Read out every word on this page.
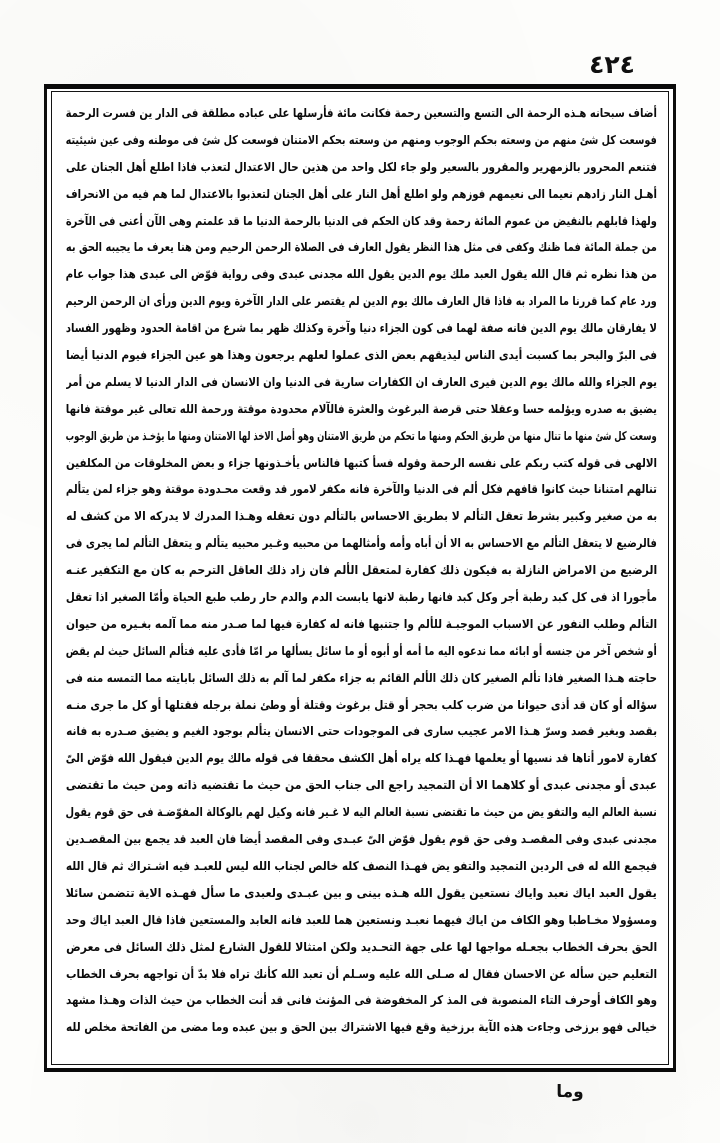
٤٢٤
أضاف سبحانه هـذه الرحمة الى التسع والتسعين رحمة فكانت مائة فأرسلها على عباده مطلقة فى الدار ين فسرت الرحمة
فوسعت كل شئ منهم من وسعته بحكم الوجوب ومنهم من وسعته بحكم الامتنان فوسعت كل شئ فى موطنه وفى عين شيئيته
فتنعم المحرور بالزمهرير والمقرور بالسعير ولو جاء لكل واحد من هذين حال الاعتدال لتعذب فاذا اطلع أهل الجنان على
أهـل النار زادهم نعيما الى نعيمهم فوزهم ولو اطلع أهل النار على أهل الجنان لتعذبوا بالاعتدال لما هم فيه من الانحراف
ولهذا قابلهم بالنقيض من عموم المائة رحمة وقد كان الحكم فى الدنيا بالرحمة الدنيا ما قد علمتم وهى الآن أعنى فى الآخرة
من جملة المائة فما ظنك وكفى فى مثل هذا النظر يقول العارف فى الصلاة الرحمن الرحيم ومن هنا يعرف ما يجيبه الحق به
من هذا نظره ثم قال الله يقول العبد ملك يوم الدين يقول الله مجدنى عبدى وفى رواية فوّض الى عبدى هذا جواب عام
ورد عام كما قررنا ما المراد به فاذا قال العارف مالك يوم الدين لم يقتصر على الدار الآخرة ويوم الدين ورأى ان الرحمن الرحيم
لا يفارقان مالك يوم الدين فانه صفة لهما فى كون الجزاء دنيا وآخرة وكذلك ظهر بما شرع من اقامة الحدود وظهور الفساد
فى البرّ والبحر بما كسبت أيدى الناس ليذيقهم بعض الذى عملوا لعلهم يرجعون وهذا هو عين الجزاء فيوم الدنيا أيضا
يوم الجزاء والله مالك يوم الدين فيرى العارف ان الكفارات سارية فى الدنيا وان الانسان فى الدار الدنيا لا يسلم من أمر
يضيق به صدره ويؤلمه حسا وعقلا حتى قرصة البرغوث والعثرة فالآلام محدودة موقتة ورحمة الله تعالى غير موقتة فانها
وسعت كل شئ منها ما تنال منها من طريق الحكم ومنها ما تحكم من طريق الامتنان وهو أصل الاخذ لها الامتنان ومنها ما يؤخـذ من طريق الوجوب
الالهى فى قوله كتب ربكم على نفسه الرحمة وقوله فسأ كتبها فالناس يأخـذونها جزاء و بعض المخلوقات من المكلفين
تنالهم امتنانا حيث كانوا قافهم فكل ألم فى الدنيا والآخرة فانه مكفر لامور قد وقعت محـدودة موقتة وهو جزاء لمن يتألم
به من صغير وكبير بشرط تعقل التألم لا بطريق الاحساس بالتألم دون تعقله وهـذا المدرك لا يدركه الا من كشف له
فالرضيع لا يتعقل التألم مع الاحساس به الا أن أباه وأمه وأمثالهما من محبيه وغـير محبيه يتألم و يتعقل التألم لما يجرى فى
الرضيع من الامراض النازلة به فيكون ذلك كفارة لمتعقل الألم فان زاد ذلك العاقل الترحم به كان مع التكفير عنـه
مأجورا اذ فى كل كبد رطبة أجر وكل كبد فانها رطبة لانها يابست الدم والدم حار رطب طبع الحياة وأمّا الصغير اذا تعقل
التألم وطلب النفور عن الاسباب الموجبـة للألم وا جتنبها فانه له كفارة فيها لما صـدر منه مما آلمه بغـيره من حيوان
أو شخص آخر من جنسه أو ابائه مما ندعوه اليه ما أمه أو أبوه أو ما سائل يسألها مر امّا فأدى عليه فتألم السائل حيث لم يقض
حاجته هـذا الصغير فاذا تألم الصغير كان ذلك الألم القائم به جزاء مكفر لما آلم به ذلك السائل بابايته مما التمسه منه فى
سؤاله أو كان قد أذى حيوانا من ضرب كلب بحجر أو قتل برغوث وقتلة أو وطئ نملة برجله فقتلها أو كل ما جرى منـه
بقصد وبغير قصد وسرّ هـذا الامر عجيب سارى فى الموجودات حتى الانسان يتألم بوجود الغيم و يضيق صـدره به فانه
كفارة لامور أتاها قد نسيها أو يعلمها فهـذا كله يراه أهل الكشف محققا فى قوله مالك يوم الدين فيقول الله فوّض الىّ
عبدى أو مجدنى عبدى أو كلاهما الا أن التمجيد راجع الى جناب الحق من حيث ما تقتضيه ذاته ومن حيث ما تقتضى
نسبة العالم اليه والتفو يض من حيث ما تقتضى نسبة العالم اليه لا غـير فانه وكيل لهم بالوكالة المفوّضـة فى حق قوم يقول
مجدنى عبدى وفى المقصـد وفى حق قوم يقول فوّض الىّ عبـدى وفى المقصد أيضا فان العبد قد يجمع بين المقصـدين
فيجمع الله له فى الردين التمجيد والتفو يض فهـذا النصف كله خالص لجناب الله ليس للعبـد فيه اشـتراك ثم قال الله
يقول العبد اياك نعبد واياك نستعين يقول الله هـذه بينى و بين عبـدى ولعبدى ما سأل فهـذه الاية تتضمن سائلا
ومسؤولا مخـاطبا وهو الكاف من اياك فيهما نعبـد ونستعين هما للعبد فانه العابد والمستعين فاذا قال العبد اياك وحد
الحق بحرف الخطاب بجعـله مواجها لها على جهة التحـديد ولكن امتثالا للقول الشارع لمثل ذلك السائل فى معرض
التعليم حين سأله عن الاحسان فقال له صـلى الله عليه وسـلم أن تعبد الله كأنك تراه فلا بدّ أن تواجهه بحرف الخطاب
وهو الكاف أوحرف التاء المنصوبة فى المذ كر المخفوضة فى المؤنث فانى قد أنت الخطاب من حيث الذات وهـذا مشهد
خيالى فهو برزخى وجاءت هذه الآية برزخية وقع فيها الاشتراك بين الحق و بين عبده وما مضى من الفاتحة مخلص لله
وما
